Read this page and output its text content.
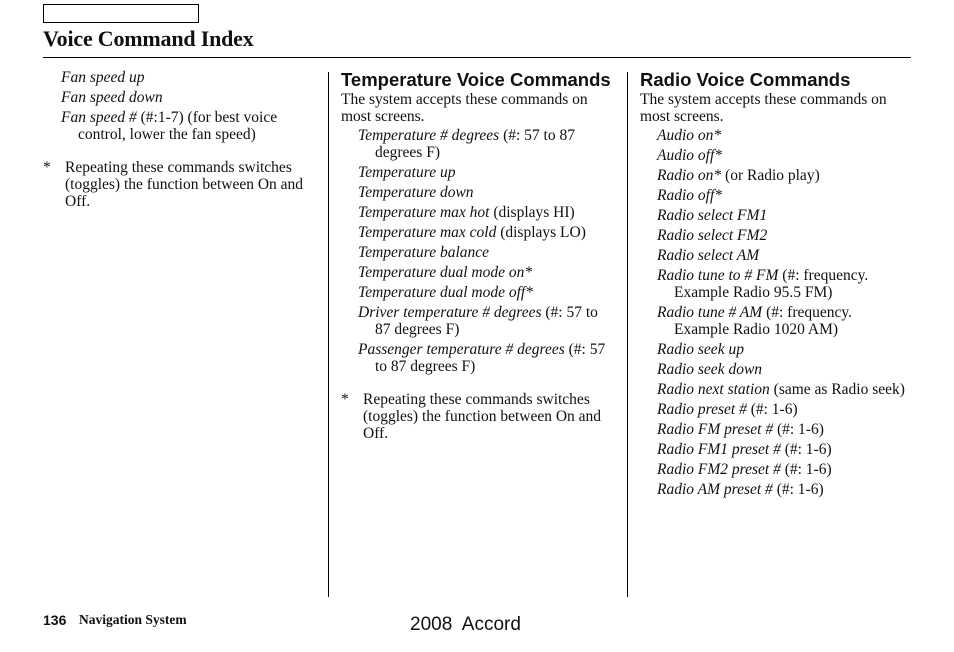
Voice Command Index
Fan speed up
Fan speed down
Fan speed # (#:1-7) (for best voice control, lower the fan speed)
* Repeating these commands switches (toggles) the function between On and Off.
Temperature Voice Commands
The system accepts these commands on most screens.
Temperature # degrees (#: 57 to 87 degrees F)
Temperature up
Temperature down
Temperature max hot (displays HI)
Temperature max cold (displays LO)
Temperature balance
Temperature dual mode on*
Temperature dual mode off*
Driver temperature # degrees (#: 57 to 87 degrees F)
Passenger temperature # degrees (#: 57 to 87 degrees F)
* Repeating these commands switches (toggles) the function between On and Off.
Radio Voice Commands
The system accepts these commands on most screens.
Audio on*
Audio off*
Radio on* (or Radio play)
Radio off*
Radio select FM1
Radio select FM2
Radio select AM
Radio tune to # FM (#: frequency. Example Radio 95.5 FM)
Radio tune # AM (#: frequency. Example Radio 1020 AM)
Radio seek up
Radio seek down
Radio next station (same as Radio seek)
Radio preset # (#: 1-6)
Radio FM preset # (#: 1-6)
Radio FM1 preset # (#: 1-6)
Radio FM2 preset # (#: 1-6)
Radio AM preset # (#: 1-6)
136 Navigation System	2008  Accord
